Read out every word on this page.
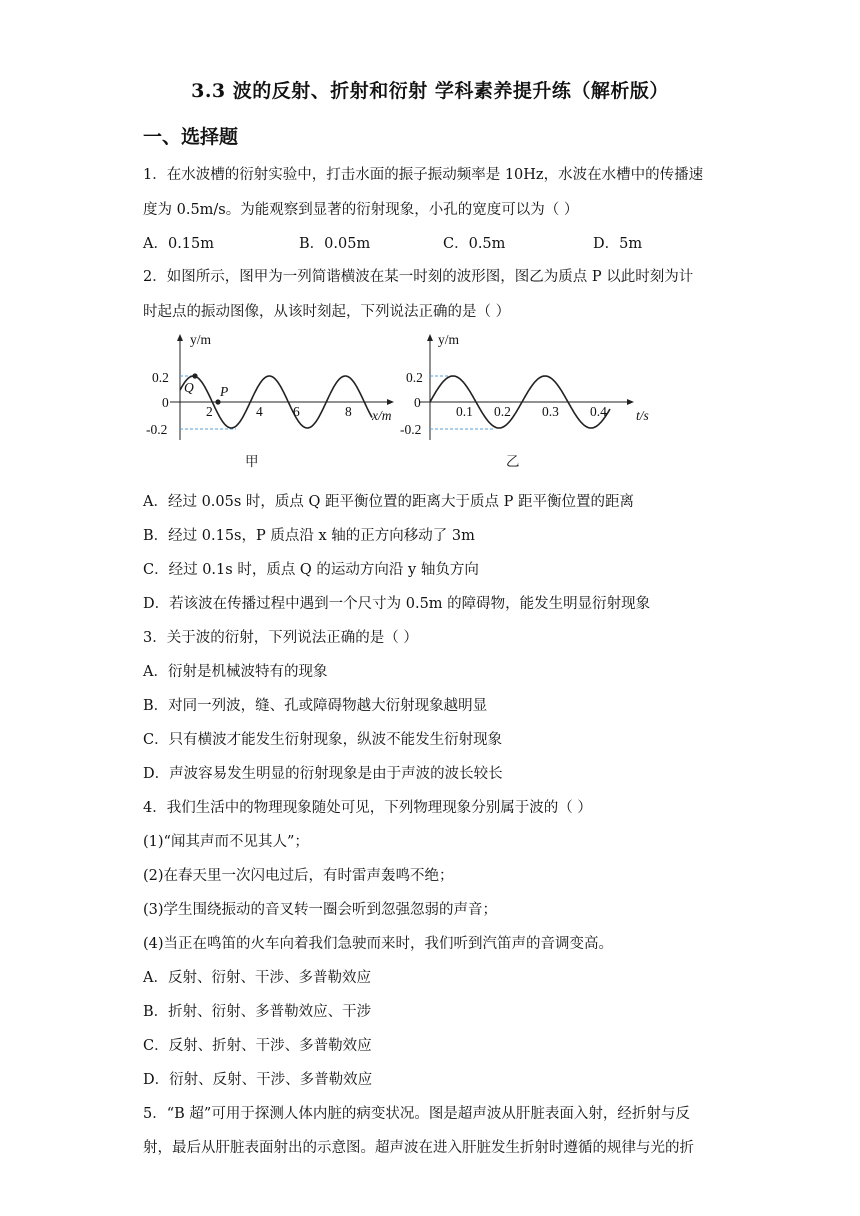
3.3 波的反射、折射和衍射 学科素养提升练（解析版）
一、选择题
1．在水波槽的衍射实验中，打击水面的振子振动频率是 10Hz，水波在水槽中的传播速
度为 0.5m/s。为能观察到显著的衍射现象，小孔的宽度可以为（ ）
A．0.15m	B．0.05m	C．0.5m	D．5m
2．如图所示，图甲为一列简谐横波在某一时刻的波形图，图乙为质点 P 以此时刻为计
时起点的振动图像，从该时刻起，下列说法正确的是（ ）
y/m
0.2
0
-0.2
Q P
2	4 6	8 x/m
甲
y/m
0.2
0
-0.2
0.1 0.2 0.3 0.4 t/s
乙
A．经过 0.05s 时，质点 Q 距平衡位置的距离大于质点 P 距平衡位置的距离
B．经过 0.15s，P 质点沿 x 轴的正方向移动了 3m
C．经过 0.1s 时，质点 Q 的运动方向沿 y 轴负方向
D．若该波在传播过程中遇到一个尺寸为 0.5m 的障碍物，能发生明显衍射现象
3．关于波的衍射，下列说法正确的是（ ）
A．衍射是机械波特有的现象
B．对同一列波，缝、孔或障碍物越大衍射现象越明显
C．只有横波才能发生衍射现象，纵波不能发生衍射现象
D．声波容易发生明显的衍射现象是由于声波的波长较长
4．我们生活中的物理现象随处可见，下列物理现象分别属于波的（ ）
(1)“闻其声而不见其人”；
(2)在春天里一次闪电过后，有时雷声轰鸣不绝；
(3)学生围绕振动的音叉转一圈会听到忽强忽弱的声音；
(4)当正在鸣笛的火车向着我们急驶而来时，我们听到汽笛声的音调变高。
A．反射、衍射、干涉、多普勒效应
B．折射、衍射、多普勒效应、干涉
C．反射、折射、干涉、多普勒效应
D．衍射、反射、干涉、多普勒效应
5．“B 超”可用于探测人体内脏的病变状况。图是超声波从肝脏表面入射，经折射与反
射，最后从肝脏表面射出的示意图。超声波在进入肝脏发生折射时遵循的规律与光的折
